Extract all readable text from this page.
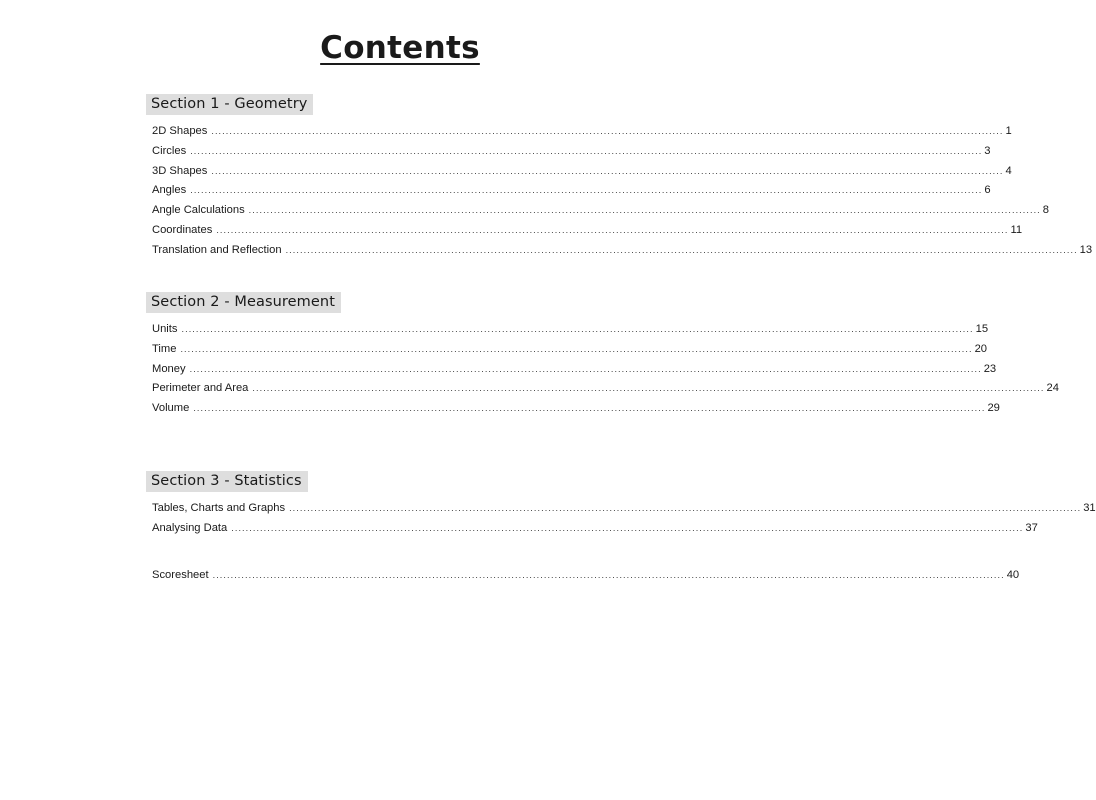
Contents
Section 1 - Geometry
2D Shapes ............................................................................................................................................................................................................................ 1
Circles ............................................................................................................................................................................................................................ 3
3D Shapes ............................................................................................................................................................................................................................ 4
Angles ............................................................................................................................................................................................................................ 6
Angle Calculations ............................................................................................................................................................................................................................ 8
Coordinates ............................................................................................................................................................................................................................ 11
Translation and Reflection ............................................................................................................................................................................................................................ 13
Section 2 - Measurement
Units ............................................................................................................................................................................................................................ 15
Time ............................................................................................................................................................................................................................ 20
Money ............................................................................................................................................................................................................................ 23
Perimeter and Area ............................................................................................................................................................................................................................ 24
Volume ............................................................................................................................................................................................................................ 29
Section 3 - Statistics
Tables, Charts and Graphs ............................................................................................................................................................................................................................ 31
Analysing Data ............................................................................................................................................................................................................................ 37
Scoresheet ............................................................................................................................................................................................................................ 40
